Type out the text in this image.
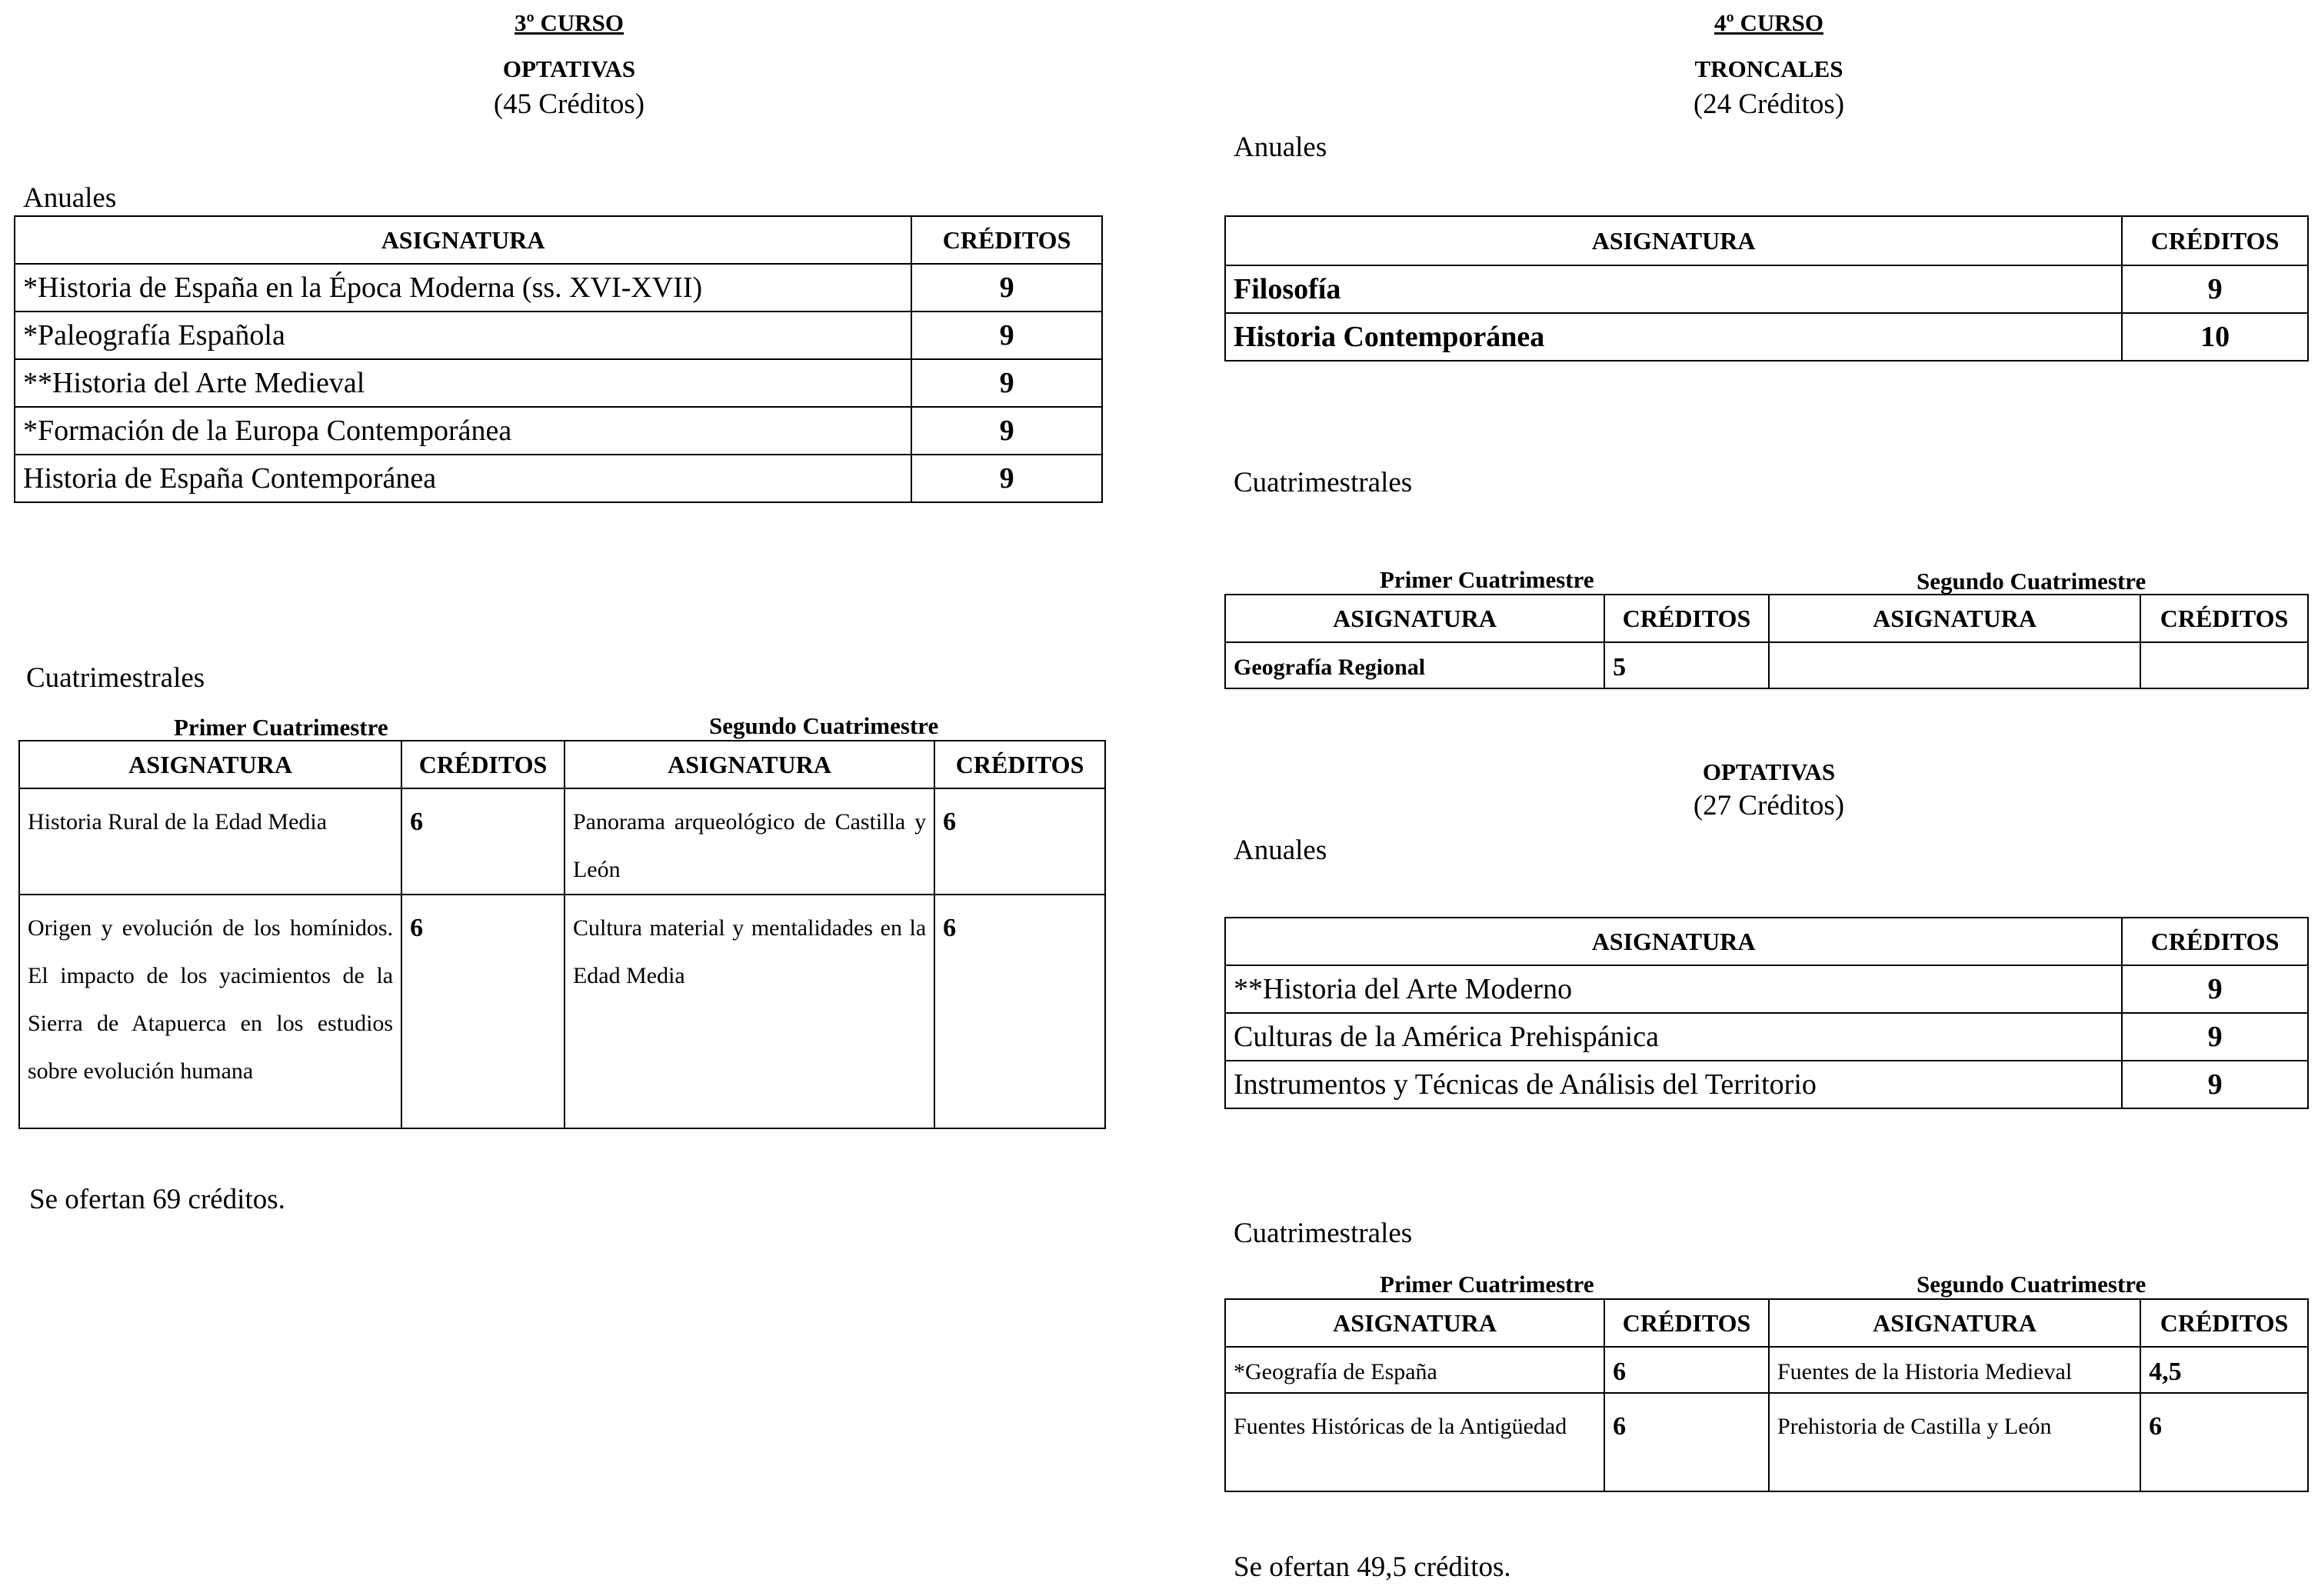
3º CURSO
OPTATIVAS
(45 Créditos)
Anuales
ASIGNATURA	CRÉDITOS
*Historia de España en la Época Moderna (ss. XVI-XVII)	9
*Paleografía Española	9
**Historia del Arte Medieval	9
*Formación de la Europa Contemporánea	9
Historia de España Contemporánea	9
Cuatrimestrales
Primer Cuatrimestre	Segundo Cuatrimestre
ASIGNATURA	CRÉDITOS	ASIGNATURA	CRÉDITOS
Historia Rural de la Edad Media	6	Panorama arqueológico de Castilla y León	6
Origen y evolución de los homínidos. El impacto de los yacimientos de la Sierra de Atapuerca en los estudios sobre evolución humana	6	Cultura material y mentalidades en la Edad Media	6
Se ofertan 69 créditos.
4º CURSO
TRONCALES
(24 Créditos)
Anuales
ASIGNATURA	CRÉDITOS
Filosofía	9
Historia Contemporánea	10
Cuatrimestrales
Primer Cuatrimestre	Segundo Cuatrimestre
ASIGNATURA	CRÉDITOS	ASIGNATURA	CRÉDITOS
Geografía Regional	5		
OPTATIVAS
(27 Créditos)
Anuales
ASIGNATURA	CRÉDITOS
**Historia del Arte Moderno	9
Culturas de la América Prehispánica	9
Instrumentos y Técnicas de Análisis del Territorio	9
Cuatrimestrales
Primer Cuatrimestre	Segundo Cuatrimestre
ASIGNATURA	CRÉDITOS	ASIGNATURA	CRÉDITOS
*Geografía de España	6	Fuentes de la Historia Medieval	4,5
Fuentes Históricas de la Antigüedad	6	Prehistoria de Castilla y León	6
Se ofertan 49,5 créditos.
